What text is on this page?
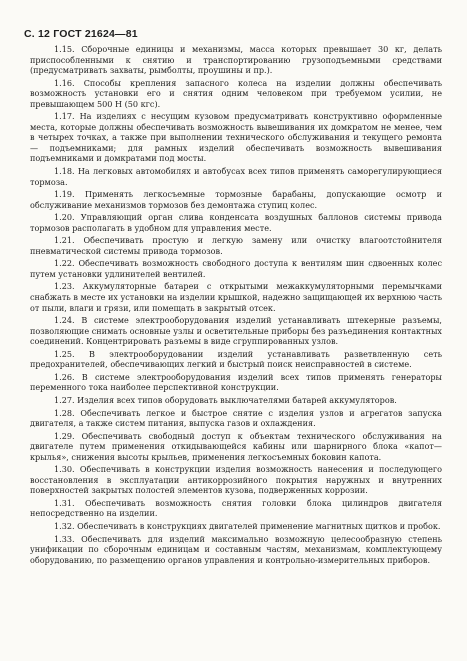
С. 12 ГОСТ 21624—81

1.15. Сборочные единицы и механизмы, масса которых превышает 30 кг, делать приспособленными к снятию и транспортированию грузоподъемными средствами (предусматривать захваты, рымболты, проушины и пр.).

1.16. Способы крепления запасного колеса на изделии должны обеспечивать возможность установки его и снятия одним человеком при требуемом усилии, не превышающем 500 Н (50 кгс).

1.17. На изделиях с несущим кузовом предусматривать конструктивно оформленные места, которые должны обеспечивать возможность вывешивания их домкратом не менее, чем в четырех точках, а также при выполнении технического обслуживания и текущего ремонта — подъемниками; для рамных изделий обеспечивать возможность вывешивания подъемниками и домкратами под мосты.

1.18. На легковых автомобилях и автобусах всех типов применять саморегулирующиеся тормоза.

1.19. Применять легкосъемные тормозные барабаны, допускающие осмотр и обслуживание механизмов тормозов без демонтажа ступиц колес.

1.20. Управляющий орган слива конденсата воздушных баллонов системы привода тормозов располагать в удобном для управления месте.

1.21. Обеспечивать простую и легкую замену или очистку влагоотстойнителя пневматической системы привода тормозов.

1.22. Обеспечивать возможность свободного доступа к вентилям шин сдвоенных колес путем установки удлинителей вентилей.

1.23. Аккумуляторные батареи с открытыми межаккумуляторными перемычками снабжать в месте их установки на изделии крышкой, надежно защищающей их верхнюю часть от пыли, влаги и грязи, или помещать в закрытый отсек.

1.24. В системе электрооборудования изделий устанавливать штекерные разъемы, позволяющие снимать основные узлы и осветительные приборы без разъединения контактных соединений. Концентрировать разъемы в виде сгруппированных узлов.

1.25. В электрооборудовании изделий устанавливать разветвленную сеть предохранителей, обеспечивающих легкий и быстрый поиск неисправностей в системе.

1.26. В системе электрооборудования изделий всех типов применять генераторы переменного тока наиболее перспективной конструкции.

1.27. Изделия всех типов оборудовать выключателями батарей аккумуляторов.

1.28. Обеспечивать легкое и быстрое снятие с изделия узлов и агрегатов запуска двигателя, а также систем питания, выпуска газов и охлаждения.

1.29. Обеспечивать свободный доступ к объектам технического обслуживания на двигателе путем применения откидывающейся кабины или шарнирного блока «капот—крылья», снижения высоты крыльев, применения легкосъемных боковин капота.

1.30. Обеспечивать в конструкции изделия возможность нанесения и последующего восстановления в эксплуатации антикоррозийного покрытия наружных и внутренних поверхностей закрытых полостей элементов кузова, подверженных коррозии.

1.31. Обеспечивать возможность снятия головки блока цилиндров двигателя непосредственно на изделии.

1.32. Обеспечивать в конструкциях двигателей применение магнитных щитков и пробок.

1.33. Обеспечивать для изделий максимально возможную целесообразную степень унификации по сборочным единицам и составным частям, механизмам, комплектующему оборудованию, по размещению органов управления и контрольно-измерительных приборов.
